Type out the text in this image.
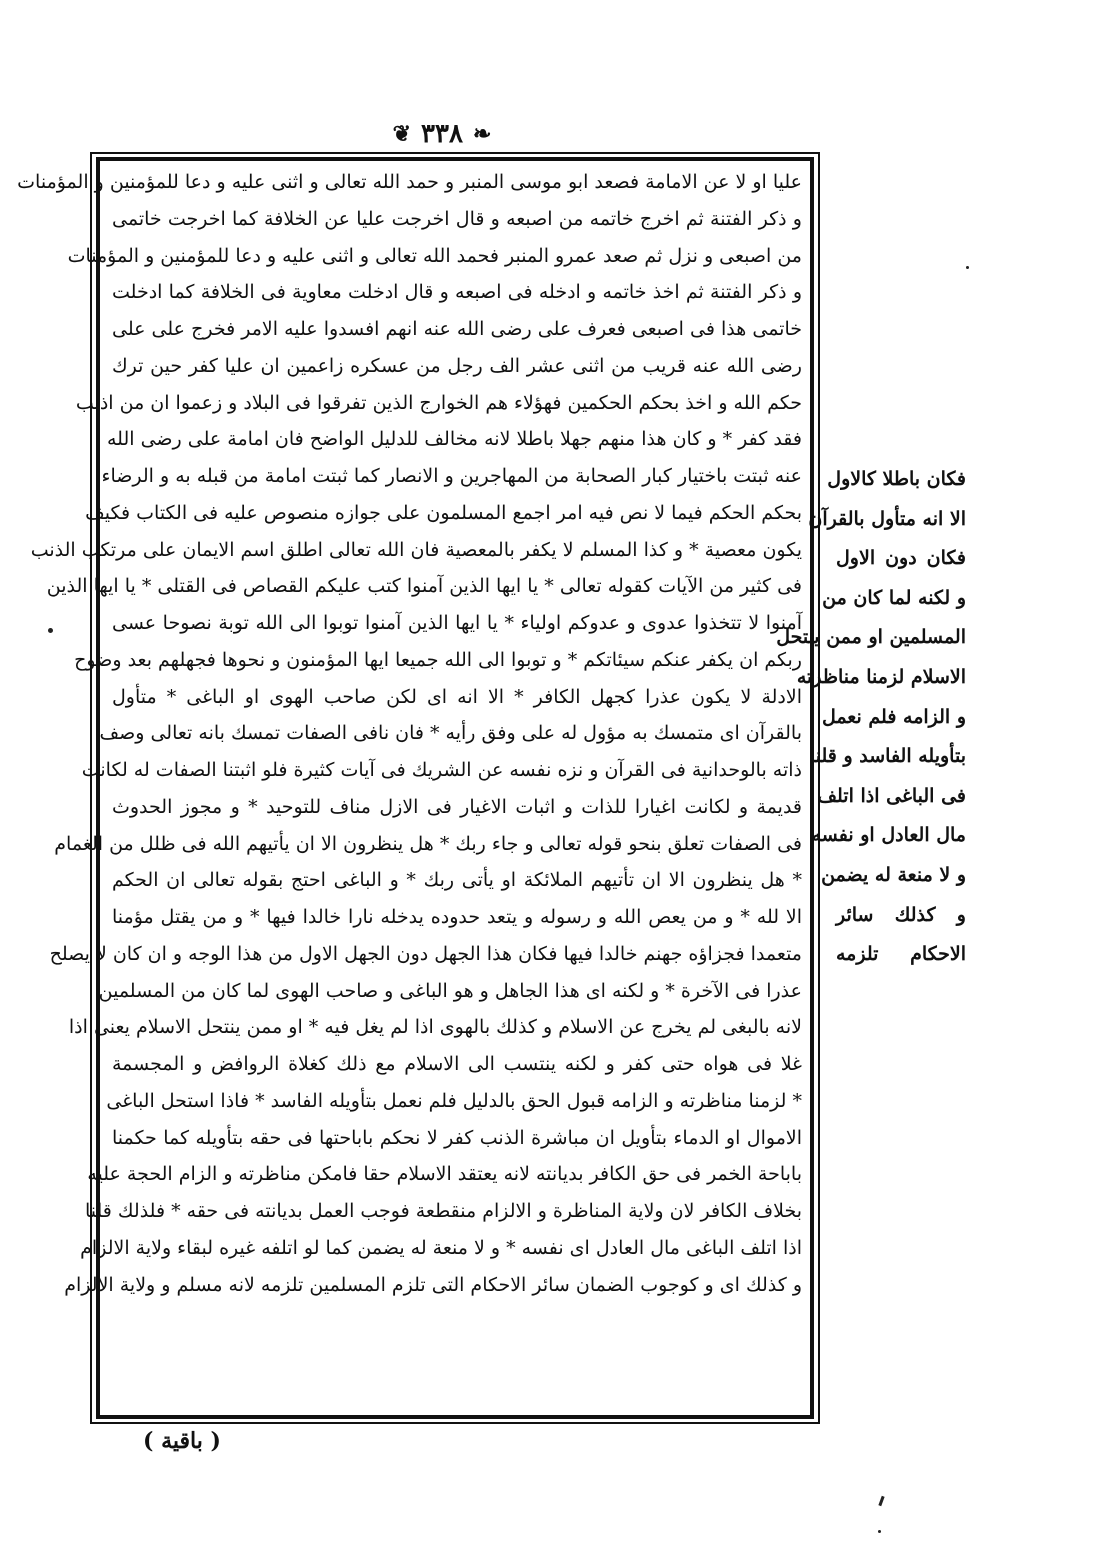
❦ ۳۳۸ ❧
عليا او لا عن الامامة فصعد ابو موسى المنبر و حمد الله تعالى و اثنى عليه و دعا للمؤمنين و المؤمنات
و ذكر الفتنة ثم اخرج خاتمه من اصبعه و قال اخرجت عليا عن الخلافة كما اخرجت خاتمى
من اصبعى و نزل ثم صعد عمرو المنبر فحمد الله تعالى و اثنى عليه و دعا للمؤمنين و المؤمنات
و ذكر الفتنة ثم اخذ خاتمه و ادخله فى اصبعه و قال ادخلت معاوية فى الخلافة كما ادخلت
خاتمى هذا فى اصبعى فعرف على رضى الله عنه انهم افسدوا عليه الامر فخرج على على
رضى الله عنه قريب من اثنى عشر الف رجل من عسكره زاعمين ان عليا كفر حين ترك
حكم الله و اخذ بحكم الحكمين فهؤلاء هم الخوارج الذين تفرقوا فى البلاد و زعموا ان من اذنب
فقد كفر * و كان هذا منهم جهلا باطلا لانه مخالف للدليل الواضح فان امامة على رضى الله
عنه ثبتت باختيار كبار الصحابة من المهاجرين و الانصار كما ثبتت امامة من قبله به و الرضاء
بحكم الحكم فيما لا نص فيه امر اجمع المسلمون على جوازه منصوص عليه فى الكتاب فكيف
يكون معصية * و كذا المسلم لا يكفر بالمعصية فان الله تعالى اطلق اسم الايمان على مرتكب الذنب
فى كثير من الآيات كقوله تعالى * يا ايها الذين آمنوا كتب عليكم القصاص فى القتلى * يا ايها الذين
آمنوا لا تتخذوا عدوى و عدوكم اولياء * يا ايها الذين آمنوا توبوا الى الله توبة نصوحا عسى
ربكم ان يكفر عنكم سيئاتكم * و توبوا الى الله جميعا ايها المؤمنون و نحوها فجهلهم بعد وضوح
الادلة لا يكون عذرا كجهل الكافر * الا انه اى لكن صاحب الهوى او الباغى * متأول
بالقرآن اى متمسك به مؤول له على وفق رأيه * فان نافى الصفات تمسك بانه تعالى وصف
ذاته بالوحدانية فى القرآن و نزه نفسه عن الشريك فى آيات كثيرة فلو اثبتنا الصفات له لكانت
قديمة و لكانت اغيارا للذات و اثبات الاغيار فى الازل مناف للتوحيد * و مجوز الحدوث
فى الصفات تعلق بنحو قوله تعالى و جاء ربك * هل ينظرون الا ان يأتيهم الله فى ظلل من الغمام
* هل ينظرون الا ان تأتيهم الملائكة او يأتى ربك * و الباغى احتج بقوله تعالى ان الحكم
الا لله * و من يعص الله و رسوله و يتعد حدوده يدخله نارا خالدا فيها * و من يقتل مؤمنا
متعمدا فجزاؤه جهنم خالدا فيها فكان هذا الجهل دون الجهل الاول من هذا الوجه و ان كان لا يصلح
عذرا فى الآخرة * و لكنه اى هذا الجاهل و هو الباغى و صاحب الهوى لما كان من المسلمين
لانه بالبغى لم يخرج عن الاسلام و كذلك بالهوى اذا لم يغل فيه * او ممن ينتحل الاسلام يعنى اذا
غلا فى هواه حتى كفر و لكنه ينتسب الى الاسلام مع ذلك كغلاة الروافض و المجسمة
* لزمنا مناظرته و الزامه قبول الحق بالدليل فلم نعمل بتأويله الفاسد * فاذا استحل الباغى
الاموال او الدماء بتأويل ان مباشرة الذنب كفر لا نحكم باباحتها فى حقه بتأويله كما حكمنا
باباحة الخمر فى حق الكافر بديانته لانه يعتقد الاسلام حقا فامكن مناظرته و الزام الحجة عليه
بخلاف الكافر لان ولاية المناظرة و الالزام منقطعة فوجب العمل بديانته فى حقه * فلذلك قلنا
اذا اتلف الباغى مال العادل اى نفسه * و لا منعة له يضمن كما لو اتلفه غيره لبقاء ولاية الالزام
و كذلك اى و كوجوب الضمان سائر الاحكام التى تلزم المسلمين تلزمه لانه مسلم و ولاية الالزام
فكان باطلا كالاول
الا انه متأول بالقرآن
فكان دون الاول
و لكنه لما كان من
المسلمين او ممن ينتحل
الاسلام لزمنا مناظرته
و الزامه فلم نعمل
بتأويله الفاسد و قلنا
فى الباغى اذا اتلف
مال العادل او نفسه
و لا منعة له يضمن
و كذلك سائر
الاحكام تلزمه
( باقية )
